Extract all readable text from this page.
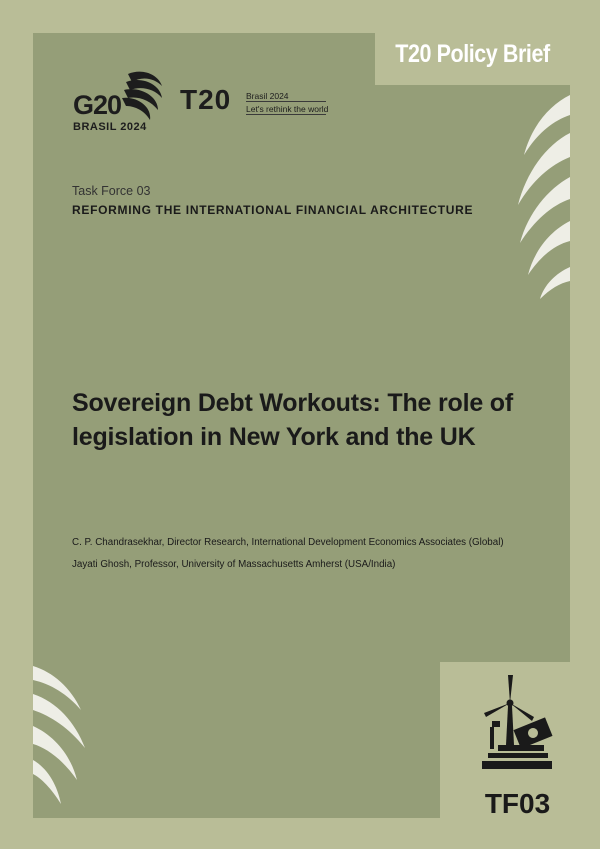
T20 Policy Brief
G20
BRASIL 2024
T20 Brasil 2024
Let's rethink the world
Task Force 03
REFORMING THE INTERNATIONAL FINANCIAL ARCHITECTURE
Sovereign Debt Workouts: The role of legislation in New York and the UK
C. P. Chandrasekhar, Director Research, International Development Economics Associates (Global)
Jayati Ghosh, Professor, University of Massachusetts Amherst (USA/India)
TF03
